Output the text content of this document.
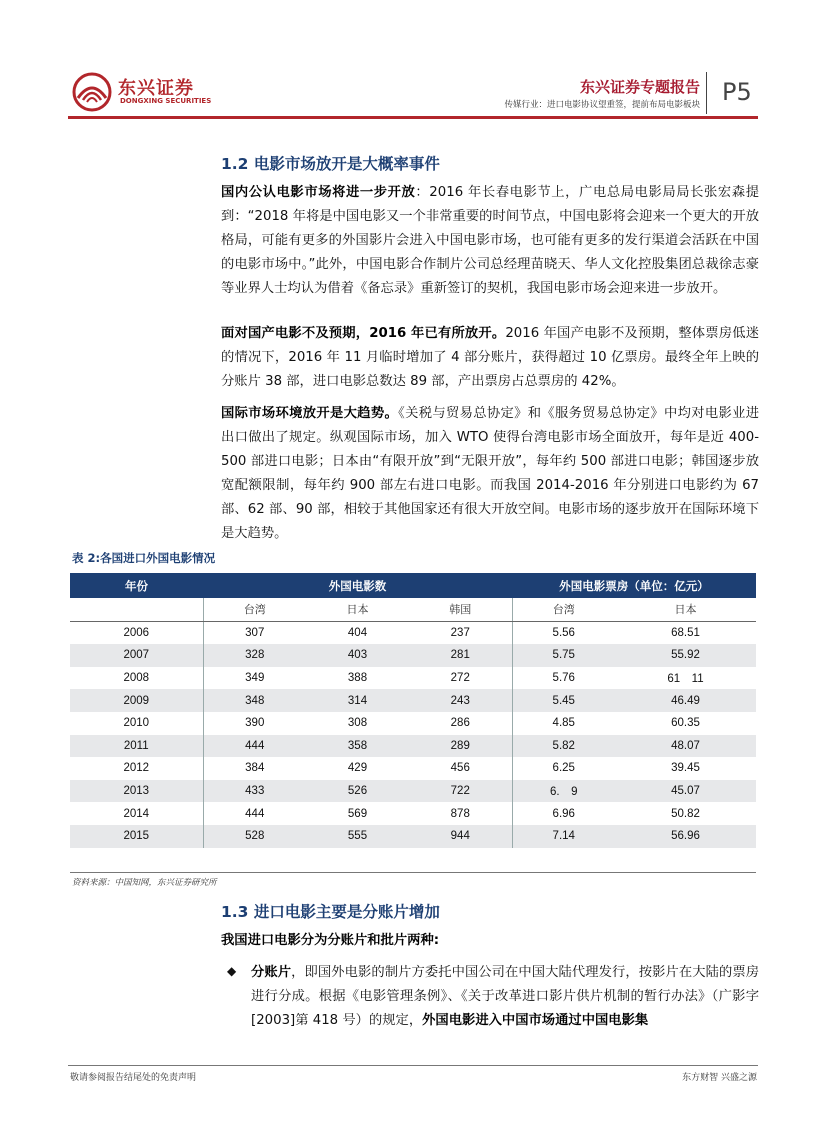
东兴证券
DONGXING SECURITIES
东兴证券专题报告
传媒行业：进口电影协议望重签，提前布局电影板块 P5
1.2 电影市场放开是大概率事件
国内公认电影市场将进一步开放：2016 年长春电影节上，广电总局电影局局长张宏森提到：“2018 年将是中国电影又一个非常重要的时间节点，中国电影将会迎来一个更大的开放格局，可能有更多的外国影片会进入中国电影市场，也可能有更多的发行渠道会活跃在中国的电影市场中。”此外，中国电影合作制片公司总经理苗晓天、华人文化控股集团总裁徐志豪等业界人士均认为借着《备忘录》重新签订的契机，我国电影市场会迎来进一步放开。
面对国产电影不及预期，2016 年已有所放开。2016 年国产电影不及预期，整体票房低迷的情况下，2016 年 11 月临时增加了 4 部分账片，获得超过 10 亿票房。最终全年上映的分账片 38 部，进口电影总数达 89 部，产出票房占总票房的 42%。
国际市场环境放开是大趋势。《关税与贸易总协定》和《服务贸易总协定》中均对电影业进出口做出了规定。纵观国际市场，加入 WTO 使得台湾电影市场全面放开，每年是近 400-500 部进口电影；日本由“有限开放”到“无限开放”，每年约 500 部进口电影；韩国逐步放宽配额限制，每年约 900 部左右进口电影。而我国 2014-2016 年分别进口电影约为 67 部、62 部、90 部，相较于其他国家还有很大开放空间。电影市场的逐步放开在国际环境下是大趋势。
表 2:各国进口外国电影情况
年份	外国电影数			外国电影票房（单位：亿元）	
	台湾	日本	韩国	台湾	日本
2006	307	404	237	5.56	68.51
2007	328	403	281	5.75	55.92
2008	349	388	272	5.76	61　11
2009	348	314	243	5.45	46.49
2010	390	308	286	4.85	60.35
2011	444	358	289	5.82	48.07
2012	384	429	456	6.25	39.45
2013	433	526	722	6.　9	45.07
2014	444	569	878	6.96	50.82
2015	528	555	944	7.14	56.96
资料来源：中国知网，东兴证券研究所
1.3 进口电影主要是分账片增加
我国进口电影分为分账片和批片两种:
◆ 分账片，即国外电影的制片方委托中国公司在中国大陆代理发行，按影片在大陆的票房进行分成。根据《电影管理条例》、《关于改革进口影片供片机制的暂行办法》（广影字[2003]第 418 号）的规定，外国电影进入中国市场通过中国电影集
敬请参阅报告结尾处的免责声明	东方财智 兴盛之源
